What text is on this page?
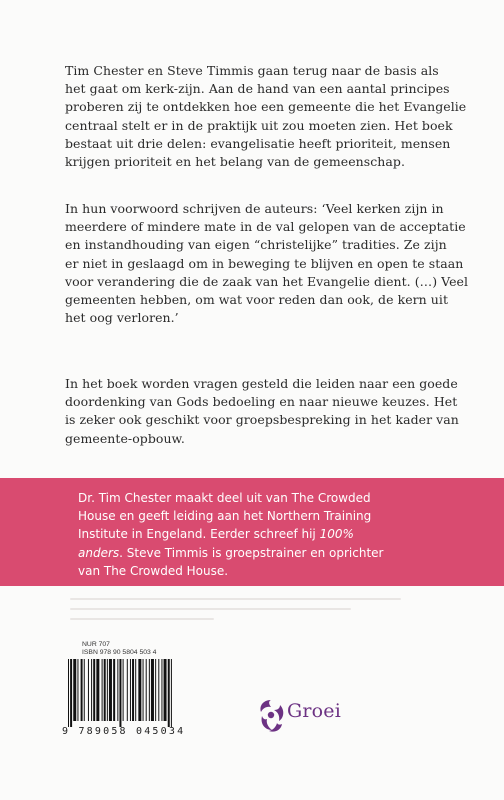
Tim Chester en Steve Timmis gaan terug naar de basis als
het gaat om kerk-zijn. Aan de hand van een aantal principes
proberen zij te ontdekken hoe een gemeente die het Evangelie
centraal stelt er in de praktijk uit zou moeten zien. Het boek
bestaat uit drie delen: evangelisatie heeft prioriteit, mensen
krijgen prioriteit en het belang van de gemeenschap.
In hun voorwoord schrijven de auteurs: ‘Veel kerken zijn in
meerdere of mindere mate in de val gelopen van de acceptatie
en instandhouding van eigen “christelijke” tradities. Ze zijn
er niet in geslaagd om in beweging te blijven en open te staan
voor verandering die de zaak van het Evangelie dient. (…) Veel
gemeenten hebben, om wat voor reden dan ook, de kern uit
het oog verloren.’
In het boek worden vragen gesteld die leiden naar een goede
doordenking van Gods bedoeling en naar nieuwe keuzes. Het
is zeker ook geschikt voor groepsbespreking in het kader van
gemeente-opbouw.
Dr. Tim Chester maakt deel uit van The Crowded
House en geeft leiding aan het Northern Training
Institute in Engeland. Eerder schreef hij 100%
anders. Steve Timmis is groepstrainer en oprichter
van The Crowded House.
NUR 707
ISBN 978 90 5804 503 4
9 789058 045034
Groei
